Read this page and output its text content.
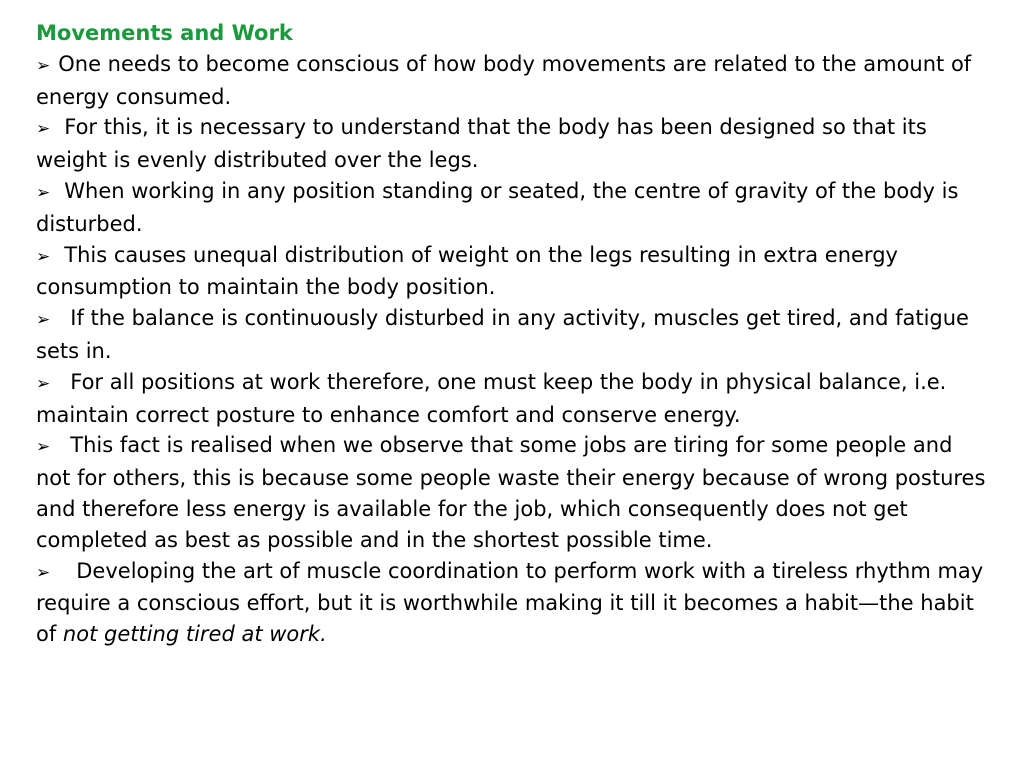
Movements and Work

➢ One needs to become conscious of how body movements are related to the amount of energy consumed.

➢ For this, it is necessary to understand that the body has been designed so that its weight is evenly distributed over the legs.

➢ When working in any position standing or seated, the centre of gravity of the body is disturbed.

➢ This causes unequal distribution of weight on the legs resulting in extra energy consumption to maintain the body position.

➢ If the balance is continuously disturbed in any activity, muscles get tired, and fatigue sets in.

➢ For all positions at work therefore, one must keep the body in physical balance, i.e. maintain correct posture to enhance comfort and conserve energy.

➢ This fact is realised when we observe that some jobs are tiring for some people and not for others, this is because some people waste their energy because of wrong postures and therefore less energy is available for the job, which consequently does not get completed as best as possible and in the shortest possible time.

➢ Developing the art of muscle coordination to perform work with a tireless rhythm may require a conscious effort, but it is worthwhile making it till it becomes a habit—the habit of not getting tired at work.
